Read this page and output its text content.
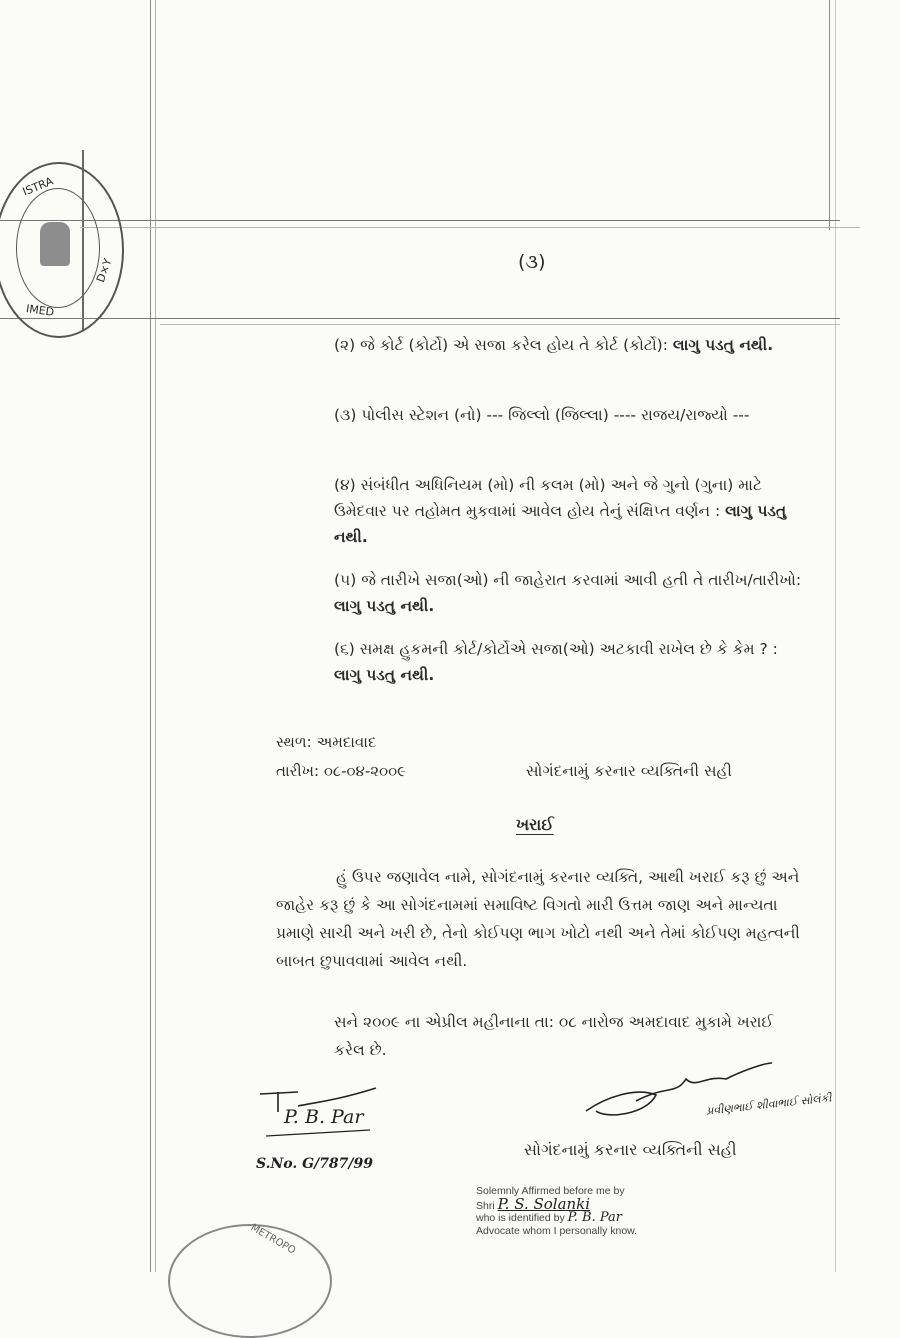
ISTRA
D×Y
IMED
(૩)
(૨) જે કોર્ટ (કોર્ટો) એ સજા કરેલ હોય તે કોર્ટ (કોર્ટો): લાગુ પડતુ નથી.
(૩) પોલીસ સ્ટેશન (નો) --- જિલ્લો (જિલ્લા) ---- રાજય/રાજ્યો ---
(૪) સંબંધીત અધિનિયમ (મો) ની કલમ (મો) અને જે ગુનો (ગુના) માટે ઉમેદવાર પર તહોમત મુકવામાં આવેલ હોય તેનું સંક્ષિપ્ત વર્ણન : લાગુ પડતુ નથી.
(૫) જે તારીખે સજા(ઓ) ની જાહેરાત કરવામાં આવી હતી તે તારીખ/તારીખો: લાગુ પડતુ નથી.
(૬) સમક્ષ હુકમની કોર્ટ/કોર્ટોએ સજા(ઓ) અટકાવી રાખેલ છે કે કેમ ? : લાગુ પડતુ નથી.
સ્થળ: અમદાવાદ
તારીખ: ૦૮-૦૪-૨૦૦૯	સોગંદનામું કરનાર વ્યક્તિની સહી
ખરાઈ
હું ઉપર જણાવેલ નામે, સોગંદનામું કરનાર વ્યક્તિ, આથી ખરાઈ કરૂ છું અને જાહેર કરૂ છું કે આ સોગંદનામમાં સમાવિષ્ટ વિગતો મારી ઉત્તમ જાણ અને માન્યતા પ્રમાણે સાચી અને ખરી છે, તેનો કોઈપણ ભાગ ખોટો નથી અને તેમાં કોઈપણ મહત્વની બાબત છુપાવવામાં આવેલ નથી.
સને ૨૦૦૯ ના એપ્રીલ મહીનાના તા: ૦૮ નારોજ અમદાવાદ મુકામે ખરાઈ કરેલ છે.
P. B. Par
S.No. G/787/99
પ્રવીણભાઈ શીવાભાઈ સોલંકી
સોગંદનામું કરનાર વ્યક્તિની સહી
Solemnly Affirmed before me by
Shri P. S. Solanki
who is identified by P. B. Par
Advocate whom I personally know.
METROPO
